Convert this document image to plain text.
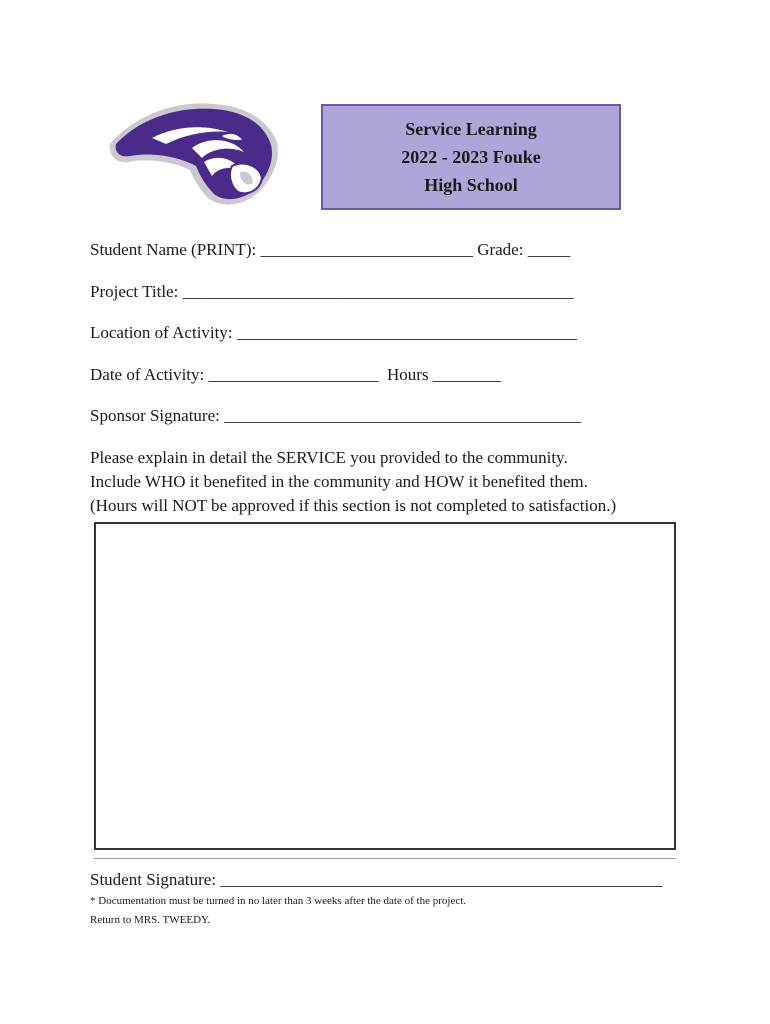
Service Learning
2022 - 2023 Fouke
High School
Student Name (PRINT): _________________________ Grade: _____
Project Title: ______________________________________________
Location of Activity: ________________________________________
Date of Activity: ____________________  Hours ________
Sponsor Signature: __________________________________________
Please explain in detail the SERVICE you provided to the community.
Include WHO it benefited in the community and HOW it benefited them.
(Hours will NOT be approved if this section is not completed to satisfaction.)
Student Signature: ____________________________________________________
* Documentation must be turned in no later than 3 weeks after the date of the project.
Return to MRS. TWEEDY.
